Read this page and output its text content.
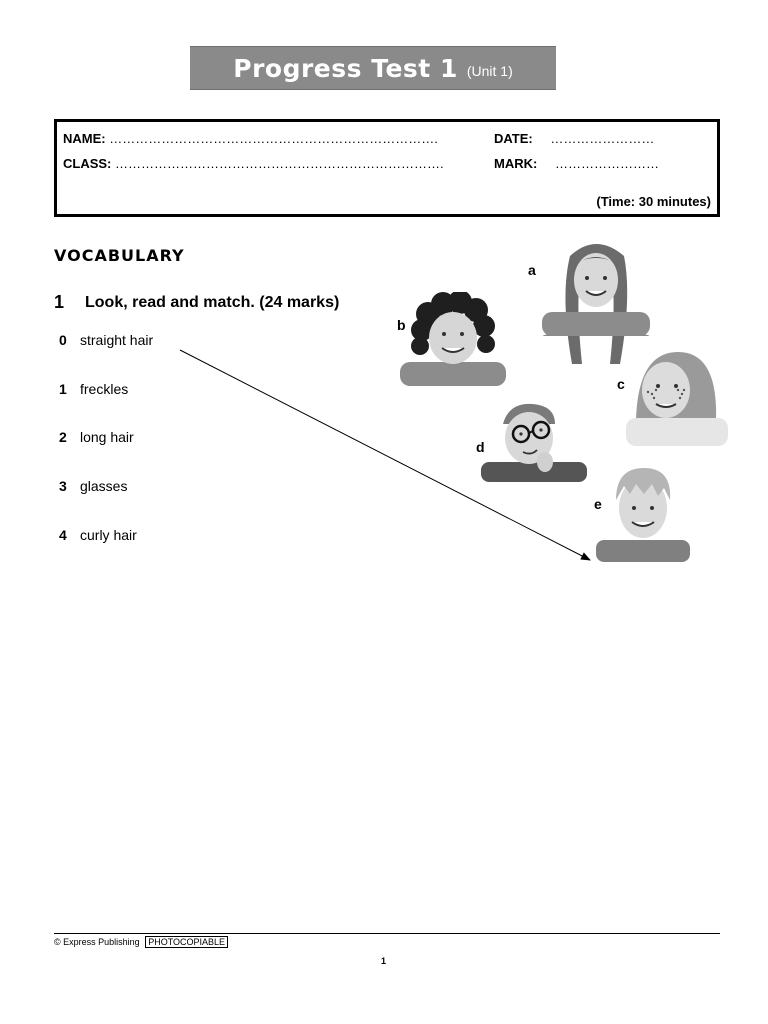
Progress Test 1 (Unit 1)
NAME: ………………………………………………………………….	DATE: ……………………
CLASS: ………………………………………………………………….	MARK: ……………………
(Time: 30 minutes)
VOCABULARY
1 Look, read and match. (24 marks)
0 straight hair
1 freckles
2 long hair
3 glasses
4 curly hair
a
b
c
d
e
© Express Publishing PHOTOCOPIABLE
1
